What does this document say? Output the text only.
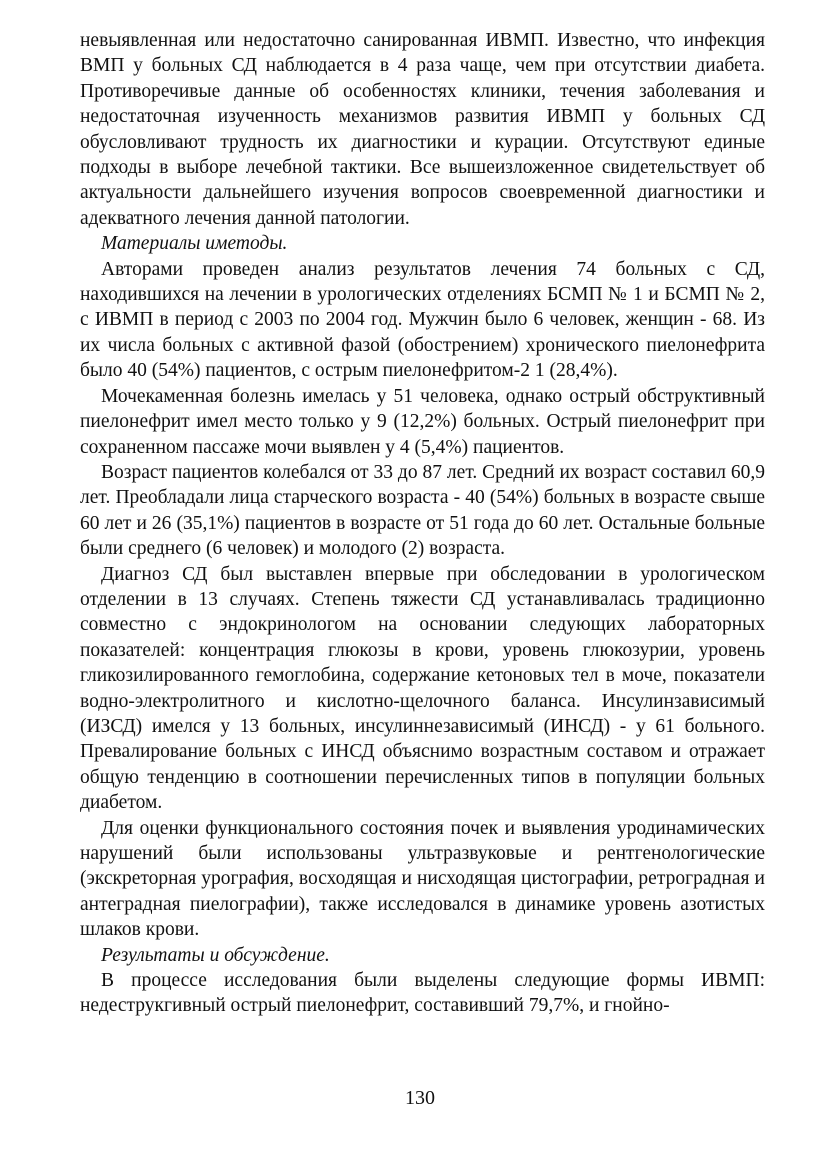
невыявленная или недостаточно санированная ИВМП. Известно, что инфекция ВМП у больных СД наблюдается в 4 раза чаще, чем при отсутствии диабета. Противоречивые данные об особенностях клиники, течения заболевания и недостаточная изученность механизмов развития ИВМП у больных СД обусловливают трудность их диагностики и курации. Отсутствуют единые подходы в выборе лечебной тактики. Все вышеизложенное свидетельствует об актуальности дальнейшего изучения вопросов своевременной диагностики и адекватного лечения данной патологии.

Материалы иметоды.

Авторами проведен анализ результатов лечения 74 больных с СД, находившихся на лечении в урологических отделениях БСМП № 1 и БСМП № 2, с ИВМП в период с 2003 по 2004 год. Мужчин было 6 человек, женщин - 68. Из их числа больных с активной фазой (обострением) хронического пиелонефрита было 40 (54%) пациентов, с острым пиелонефритом-2 1 (28,4%).

Мочекаменная болезнь имелась у 51 человека, однако острый обструктивный пиелонефрит имел место только у 9 (12,2%) больных. Острый пиелонефрит при сохраненном пассаже мочи выявлен у 4 (5,4%) пациентов.

Возраст пациентов колебался от 33 до 87 лет. Средний их возраст составил 60,9 лет. Преобладали лица старческого возраста - 40 (54%) больных в возрасте свыше 60 лет и 26 (35,1%) пациентов в возрасте от 51 года до 60 лет. Остальные больные были среднего (6 человек) и молодого (2) возраста.

Диагноз СД был выставлен впервые при обследовании в урологическом отделении в 13 случаях. Степень тяжести СД устанавливалась традиционно совместно с эндокринологом на основании следующих лабораторных показателей: концентрация глюкозы в крови, уровень глюкозурии, уровень гликозилированного гемоглобина, содержание кетоновых тел в моче, показатели водно-электролитного и кислотно-щелочного баланса. Инсулинзависимый (ИЗСД) имелся у 13 больных, инсулиннезависимый (ИНСД) - у 61 больного. Превалирование больных с ИНСД объяснимо возрастным составом и отражает общую тенденцию в соотношении перечисленных типов в популяции больных диабетом.

Для оценки функционального состояния почек и выявления уродинамических нарушений были использованы ультразвуковые и рентгенологические (экскреторная урография, восходящая и нисходящая цистографии, ретроградная и антеградная пиелографии), также исследовался в динамике уровень азотистых шлаков крови.

Результаты и обсуждение.

В процессе исследования были выделены следующие формы ИВМП: недеструкгивный острый пиелонефрит, составивший 79,7%, и гнойно-

130
